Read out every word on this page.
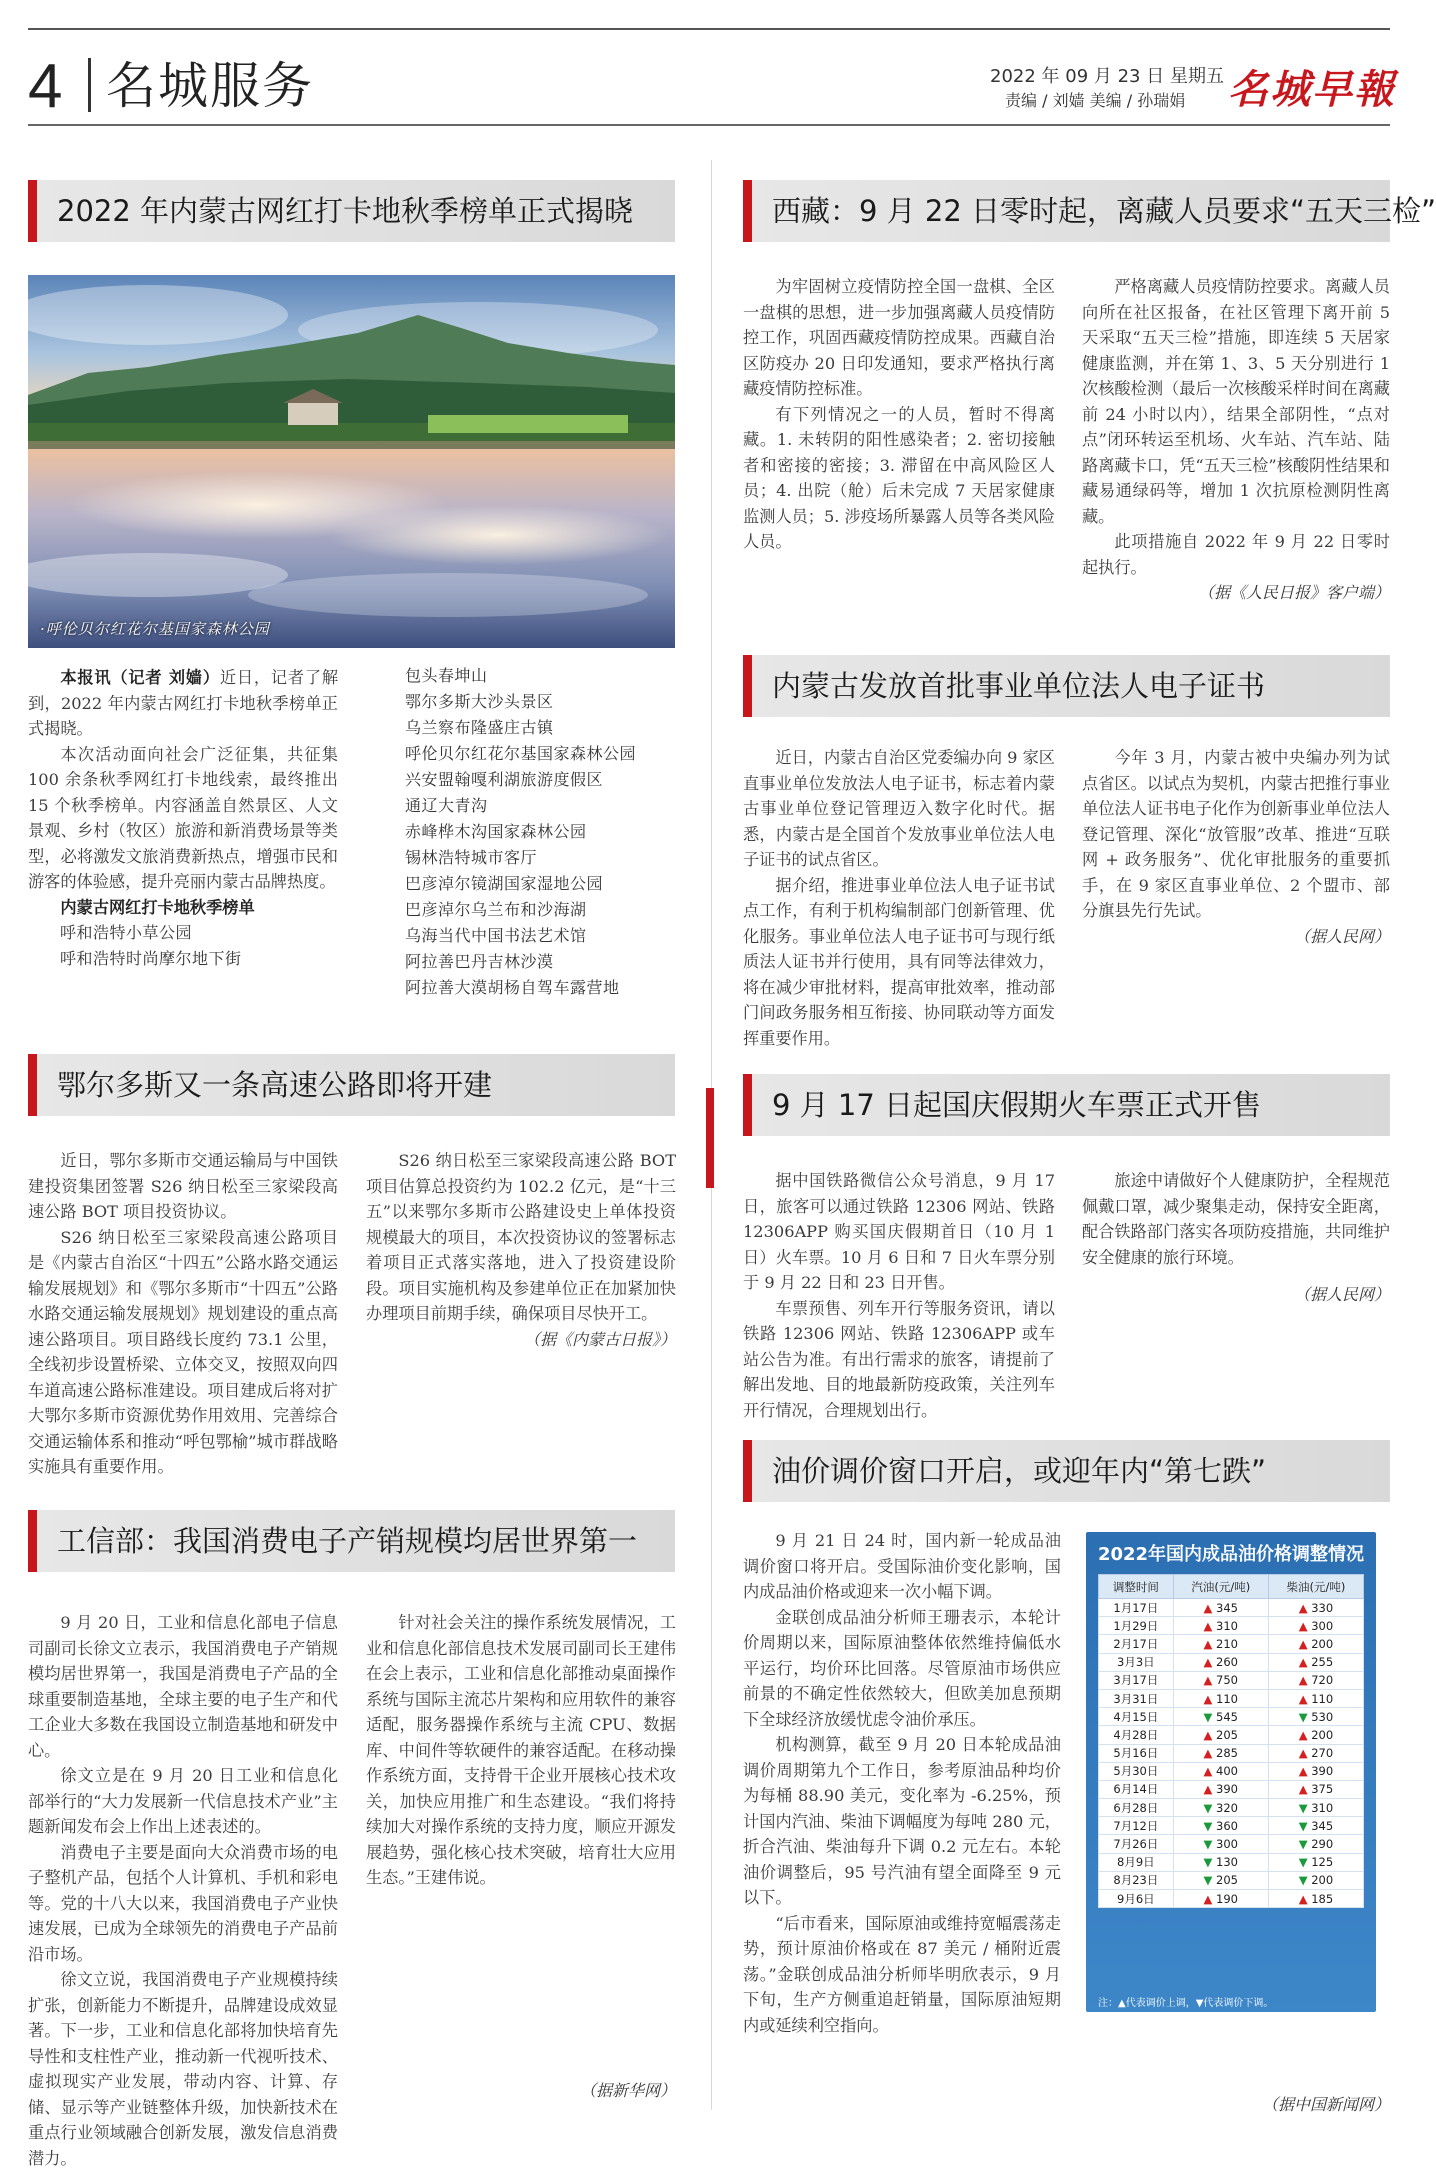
4 名城服务	2022 年 09 月 23 日 星期五
责编 / 刘嫱 美编 / 孙瑞娟 名城早報
2022 年内蒙古网红打卡地秋季榜单正式揭晓
·呼伦贝尔红花尔基国家森林公园

本报讯（记者 刘嫱）近日，记者了解到，2022 年内蒙古网红打卡地秋季榜单正式揭晓。

本次活动面向社会广泛征集，共征集 100 余条秋季网红打卡地线索，最终推出 15 个秋季榜单。内容涵盖自然景区、人文景观、乡村（牧区）旅游和新消费场景等类型，必将激发文旅消费新热点，增强市民和游客的体验感，提升亮丽内蒙古品牌热度。

内蒙古网红打卡地秋季榜单

呼和浩特小草公园
呼和浩特时尚摩尔地下街
包头春坤山
鄂尔多斯大沙头景区
乌兰察布隆盛庄古镇
呼伦贝尔红花尔基国家森林公园
兴安盟翰嘎利湖旅游度假区
通辽大青沟
赤峰桦木沟国家森林公园
锡林浩特城市客厅
巴彦淖尔镜湖国家湿地公园
巴彦淖尔乌兰布和沙海湖
乌海当代中国书法艺术馆
阿拉善巴丹吉林沙漠
阿拉善大漠胡杨自驾车露营地
鄂尔多斯又一条高速公路即将开建

近日，鄂尔多斯市交通运输局与中国铁建投资集团签署 S26 纳日松至三家梁段高速公路 BOT 项目投资协议。

S26 纳日松至三家梁段高速公路项目是《内蒙古自治区“十四五”公路水路交通运输发展规划》和《鄂尔多斯市“十四五”公路水路交通运输发展规划》规划建设的重点高速公路项目。项目路线长度约 73.1 公里，全线初步设置桥梁、立体交叉，按照双向四车道高速公路标准建设。项目建成后将对扩大鄂尔多斯市资源优势作用效用、完善综合交通运输体系和推动“呼包鄂榆”城市群战略实施具有重要作用。

S26 纳日松至三家梁段高速公路 BOT 项目估算总投资约为 102.2 亿元，是“十三五”以来鄂尔多斯市公路建设史上单体投资规模最大的项目，本次投资协议的签署标志着项目正式落实落地，进入了投资建设阶段。项目实施机构及参建单位正在加紧加快办理项目前期手续，确保项目尽快开工。

（据《内蒙古日报》）
工信部：我国消费电子产销规模均居世界第一

9 月 20 日，工业和信息化部电子信息司副司长徐文立表示，我国消费电子产销规模均居世界第一，我国是消费电子产品的全球重要制造基地，全球主要的电子生产和代工企业大多数在我国设立制造基地和研发中心。

徐文立是在 9 月 20 日工业和信息化部举行的“大力发展新一代信息技术产业”主题新闻发布会上作出上述表述的。

消费电子主要是面向大众消费市场的电子整机产品，包括个人计算机、手机和彩电等。党的十八大以来，我国消费电子产业快速发展，已成为全球领先的消费电子产品前沿市场。

徐文立说，我国消费电子产业规模持续扩张，创新能力不断提升，品牌建设成效显著。下一步，工业和信息化部将加快培育先导性和支柱性产业，推动新一代视听技术、虚拟现实产业发展，带动内容、计算、存储、显示等产业链整体升级，加快新技术在重点行业领域融合创新发展，激发信息消费潜力。

针对社会关注的操作系统发展情况，工业和信息化部信息技术发展司副司长王建伟在会上表示，工业和信息化部推动桌面操作系统与国际主流芯片架构和应用软件的兼容适配，服务器操作系统与主流 CPU、数据库、中间件等软硬件的兼容适配。在移动操作系统方面，支持骨干企业开展核心技术攻关，加快应用推广和生态建设。“我们将持续加大对操作系统的支持力度，顺应开源发展趋势，强化核心技术突破，培育壮大应用生态。”王建伟说。

（据新华网）
西藏：9 月 22 日零时起，离藏人员要求“五天三检”

为牢固树立疫情防控全国一盘棋、全区一盘棋的思想，进一步加强离藏人员疫情防控工作，巩固西藏疫情防控成果。西藏自治区防疫办 20 日印发通知，要求严格执行离藏疫情防控标准。

有下列情况之一的人员，暂时不得离藏。1. 未转阴的阳性感染者；2. 密切接触者和密接的密接；3. 滞留在中高风险区人员；4. 出院（舱）后未完成 7 天居家健康监测人员；5. 涉疫场所暴露人员等各类风险人员。

严格离藏人员疫情防控要求。离藏人员向所在社区报备，在社区管理下离开前 5 天采取“五天三检”措施，即连续 5 天居家健康监测，并在第 1、3、5 天分别进行 1 次核酸检测（最后一次核酸采样时间在离藏前 24 小时以内），结果全部阴性，“点对点”闭环转运至机场、火车站、汽车站、陆路离藏卡口，凭“五天三检”核酸阴性结果和藏易通绿码等，增加 1 次抗原检测阴性离藏。

此项措施自 2022 年 9 月 22 日零时起执行。

（据《人民日报》客户端）
内蒙古发放首批事业单位法人电子证书

近日，内蒙古自治区党委编办向 9 家区直事业单位发放法人电子证书，标志着内蒙古事业单位登记管理迈入数字化时代。据悉，内蒙古是全国首个发放事业单位法人电子证书的试点省区。

据介绍，推进事业单位法人电子证书试点工作，有利于机构编制部门创新管理、优化服务。事业单位法人电子证书可与现行纸质法人证书并行使用，具有同等法律效力，将在减少审批材料，提高审批效率，推动部门间政务服务相互衔接、协同联动等方面发挥重要作用。

今年 3 月，内蒙古被中央编办列为试点省区。以试点为契机，内蒙古把推行事业单位法人证书电子化作为创新事业单位法人登记管理、深化“放管服”改革、推进“互联网 + 政务服务”、优化审批服务的重要抓手，在 9 家区直事业单位、2 个盟市、部分旗县先行先试。

（据人民网）
9 月 17 日起国庆假期火车票正式开售

据中国铁路微信公众号消息，9 月 17 日，旅客可以通过铁路 12306 网站、铁路 12306APP 购买国庆假期首日（10 月 1 日）火车票。10 月 6 日和 7 日火车票分别于 9 月 22 日和 23 日开售。

车票预售、列车开行等服务资讯，请以铁路 12306 网站、铁路 12306APP 或车站公告为准。有出行需求的旅客，请提前了解出发地、目的地最新防疫政策，关注列车开行情况，合理规划出行。

旅途中请做好个人健康防护，全程规范佩戴口罩，减少聚集走动，保持安全距离，配合铁路部门落实各项防疫措施，共同维护安全健康的旅行环境。

（据人民网）
油价调价窗口开启，或迎年内“第七跌”

9 月 21 日 24 时，国内新一轮成品油调价窗口将开启。受国际油价变化影响，国内成品油价格或迎来一次小幅下调。

金联创成品油分析师王珊表示，本轮计价周期以来，国际原油整体依然维持偏低水平运行，均价环比回落。尽管原油市场供应前景的不确定性依然较大，但欧美加息预期下全球经济放缓忧虑令油价承压。

机构测算，截至 9 月 20 日本轮成品油调价周期第九个工作日，参考原油品种均价为每桶 88.90 美元，变化率为 -6.25%，预计国内汽油、柴油下调幅度为每吨 280 元，折合汽油、柴油每升下调 0.2 元左右。本轮油价调整后，95 号汽油有望全面降至 9 元以下。

“后市看来，国际原油或维持宽幅震荡走势，预计原油价格或在 87 美元 / 桶附近震荡。”金联创成品油分析师毕明欣表示，9 月下旬，生产方侧重追赶销量，国际原油短期内或延续利空指向。

（据中国新闻网）
2022年国内成品油价格调整情况
调整时间	汽油(元/吨)	柴油(元/吨)
1月17日	▲ 345	▲ 330
1月29日	▲ 310	▲ 300
2月17日	▲ 210	▲ 200
3月3日	▲ 260	▲ 255
3月17日	▲ 750	▲ 720
3月31日	▲ 110	▲ 110
4月15日	▼ 545	▼ 530
4月28日	▲ 205	▲ 200
5月16日	▲ 285	▲ 270
5月30日	▲ 400	▲ 390
6月14日	▲ 390	▲ 375
6月28日	▼ 320	▼ 310
7月12日	▼ 360	▼ 345
7月26日	▼ 300	▼ 290
8月9日	▼ 130	▼ 125
8月23日	▼ 205	▼ 200
9月6日	▲ 190	▲ 185
注：▲代表调价上调，▼代表调价下调。
